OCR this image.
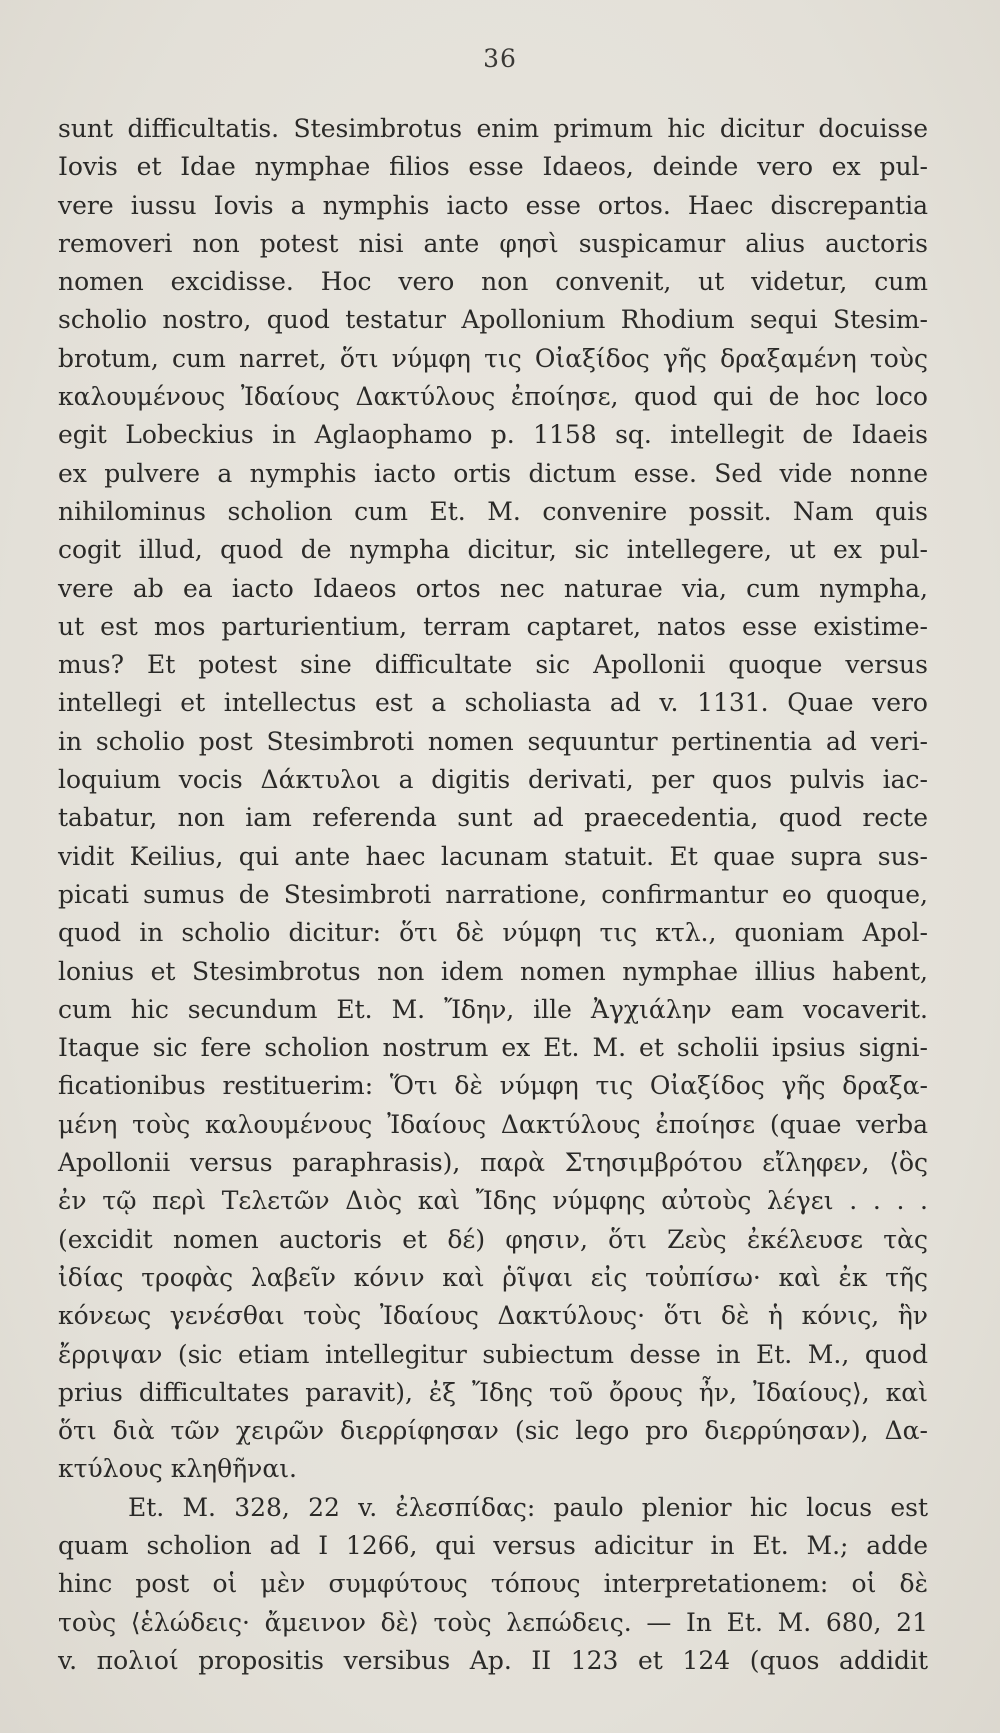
36
sunt difficultatis. Stesimbrotus enim primum hic dicitur docuisse
Iovis et Idae nymphae filios esse Idaeos, deinde vero ex pul-
vere iussu Iovis a nymphis iacto esse ortos. Haec discrepantia
removeri non potest nisi ante φησὶ suspicamur alius auctoris
nomen excidisse. Hoc vero non convenit, ut videtur, cum
scholio nostro, quod testatur Apollonium Rhodium sequi Stesim-
brotum, cum narret, ὅτι νύμφη τις Οἰαξίδος γῆς δραξαμένη τοὺς
καλουμένους Ἰδαίους Δακτύλους ἐποίησε, quod qui de hoc loco
egit Lobeckius in Aglaophamo p. 1158 sq. intellegit de Idaeis
ex pulvere a nymphis iacto ortis dictum esse. Sed vide nonne
nihilominus scholion cum Et. M. convenire possit. Nam quis
cogit illud, quod de nympha dicitur, sic intellegere, ut ex pul-
vere ab ea iacto Idaeos ortos nec naturae via, cum nympha,
ut est mos parturientium, terram captaret, natos esse existime-
mus? Et potest sine difficultate sic Apollonii quoque versus
intellegi et intellectus est a scholiasta ad v. 1131. Quae vero
in scholio post Stesimbroti nomen sequuntur pertinentia ad veri-
loquium vocis Δάκτυλοι a digitis derivati, per quos pulvis iac-
tabatur, non iam referenda sunt ad praecedentia, quod recte
vidit Keilius, qui ante haec lacunam statuit. Et quae supra sus-
picati sumus de Stesimbroti narratione, confirmantur eo quoque,
quod in scholio dicitur: ὅτι δὲ νύμφη τις κτλ., quoniam Apol-
lonius et Stesimbrotus non idem nomen nymphae illius habent,
cum hic secundum Et. M. Ἴδην, ille Ἀγχιάλην eam vocaverit.
Itaque sic fere scholion nostrum ex Et. M. et scholii ipsius signi-
ficationibus restituerim: Ὅτι δὲ νύμφη τις Οἰαξίδος γῆς δραξα-
μένη τοὺς καλουμένους Ἰδαίους Δακτύλους ἐποίησε (quae verba
Apollonii versus paraphrasis), παρὰ Στησιμβρότου εἴληφεν, ⟨ὃς
ἐν τῷ περὶ Τελετῶν Διὸς καὶ Ἴδης νύμφης αὐτοὺς λέγει . . . .
(excidit nomen auctoris et δέ) φησιν, ὅτι Ζεὺς ἐκέλευσε τὰς
ἰδίας τροφὰς λαβεῖν κόνιν καὶ ῥῖψαι εἰς τοὐπίσω· καὶ ἐκ τῆς
κόνεως γενέσθαι τοὺς Ἰδαίους Δακτύλους· ὅτι δὲ ἡ κόνις, ἣν
ἔρριψαν (sic etiam intellegitur subiectum desse in Et. M., quod
prius difficultates paravit), ἐξ Ἴδης τοῦ ὄρους ἦν, Ἰδαίους⟩, καὶ
ὅτι διὰ τῶν χειρῶν διερρίφησαν (sic lego pro διερρύησαν), Δα-
κτύλους κληθῆναι.
Et. M. 328, 22 v. ἐλεσπίδας: paulo plenior hic locus est
quam scholion ad I 1266, qui versus adicitur in Et. M.; adde
hinc post οἱ μὲν συμφύτους τόπους interpretationem: οἱ δὲ
τοὺς ⟨ἑλώδεις· ἄμεινον δὲ⟩ τοὺς λεπώδεις. — In Et. M. 680, 21
v. πολιοί propositis versibus Ap. II 123 et 124 (quos addidit
